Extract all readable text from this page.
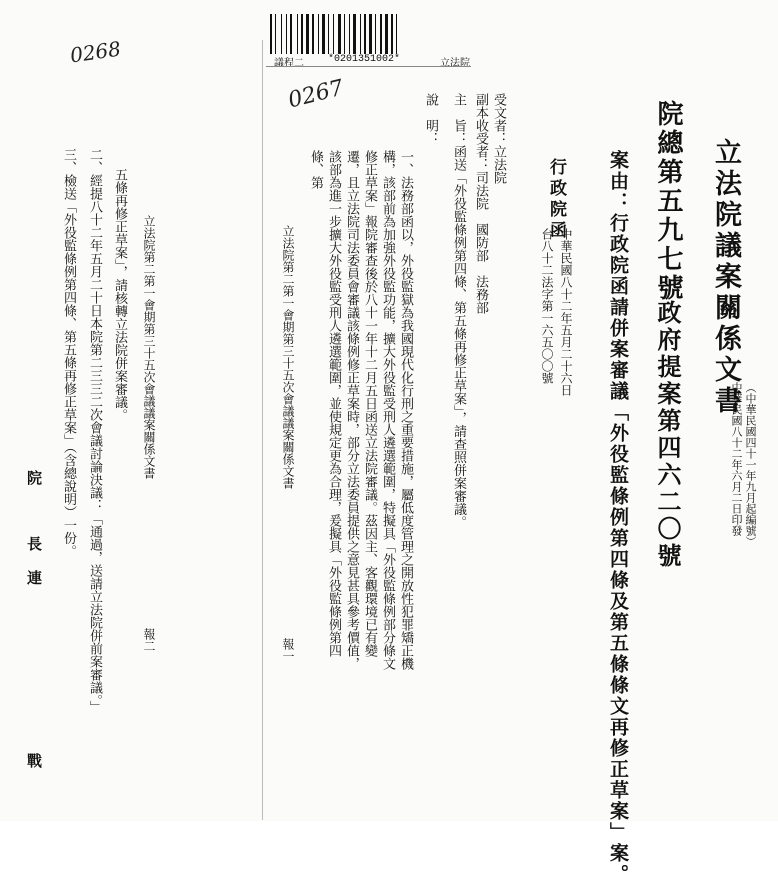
議程二 *0201351002*	立法院
0268
0267
立法院議案關係文書
（中華民國四十一年九月起編號）
中華民國八十二年六月二日印發
院總第五九七號
政府提案第四六二〇號
案由：行政院函請併案審議「外役監條例第四條及第五條條文再修正草案」案。
行政院函
中華民國八十二年五月二十六日
台八十二法字第一六五〇〇號
受文者：立法院
副本收受者：司法院　國防部　法務部
主　旨：函送「外役監條例第四條、第五條再修正草案」，請查照併案審議。
說　明：
一、法務部函以，外役監獄為我國現代化行刑之重要措施，屬低度管理之開放性犯罪矯正機構，該部前為加強外役監功能，擴大外役監受刑人遴選範圍，特擬具「外役監條例部分條文修正草案」報院審查後於八十一年十二月五日函送立法院審議。茲因主、客觀環境已有變遷，且立法院司法委員會審議該條例修正草案時，部分立法委員提供之意見甚具參考價值，該部為進一步擴大外役監受刑人遴選範圍，並使規定更為合理，爰擬具「外役監條例第四條、第
立法院第二第一會期第三十五次會議議案關係文書
報一
立法院第二第一會期第三十五次會議議案關係文書
報二
五條再修正草案」，請核轉立法院併案審議。
二、經提八十二年五月二十日本院第二三三二次會議討論決議：「通過，送請立法院併前案審議。」
三、檢送「外役監條例第四條、第五條再修正草案」（含總說明）一份。
院　長
連　　戰
